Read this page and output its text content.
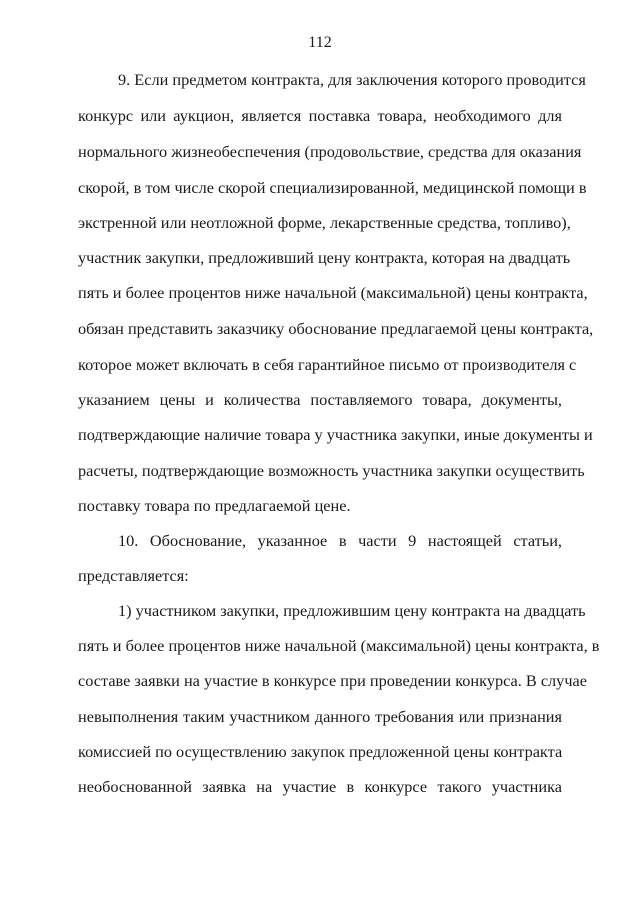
112
9. Если предметом контракта, для заключения которого проводится
конкурс или аукцион, является поставка товара, необходимого для
нормального жизнеобеспечения (продовольствие, средства для оказания
скорой, в том числе скорой специализированной, медицинской помощи в
экстренной или неотложной форме, лекарственные средства, топливо),
участник закупки, предложивший цену контракта, которая на двадцать
пять и более процентов ниже начальной (максимальной) цены контракта,
обязан представить заказчику обоснование предлагаемой цены контракта,
которое может включать в себя гарантийное письмо от производителя с
указанием цены и количества поставляемого товара, документы,
подтверждающие наличие товара у участника закупки, иные документы и
расчеты, подтверждающие возможность участника закупки осуществить
поставку товара по предлагаемой цене.
10. Обоснование, указанное в части 9 настоящей статьи,
представляется:
1) участником закупки, предложившим цену контракта на двадцать
пять и более процентов ниже начальной (максимальной) цены контракта, в
составе заявки на участие в конкурсе при проведении конкурса. В случае
невыполнения таким участником данного требования или признания
комиссией по осуществлению закупок предложенной цены контракта
необоснованной заявка на участие в конкурсе такого участника
